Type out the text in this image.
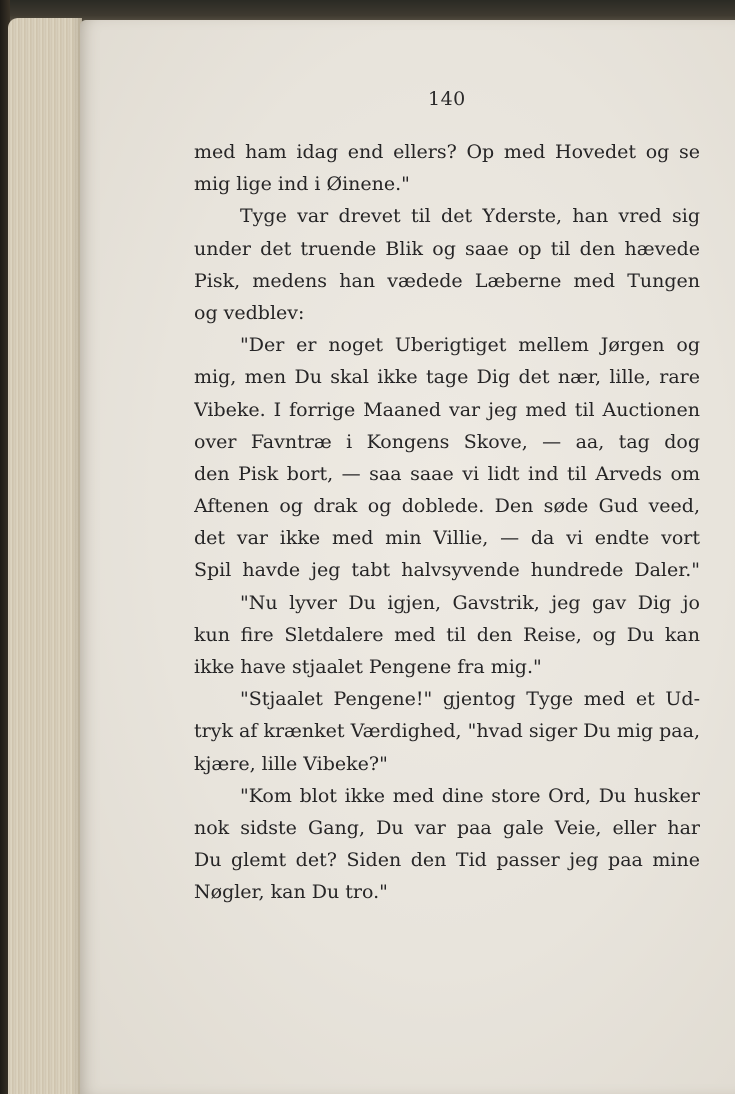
140
med ham idag end ellers? Op med Hovedet og se
mig lige ind i Øinene."
Tyge var drevet til det Yderste, han vred sig
under det truende Blik og saae op til den hævede
Pisk, medens han vædede Læberne med Tungen
og vedblev:
"Der er noget Uberigtiget mellem Jørgen og
mig, men Du skal ikke tage Dig det nær, lille, rare
Vibeke. I forrige Maaned var jeg med til Auctionen
over Favntræ i Kongens Skove, — aa, tag dog
den Pisk bort, — saa saae vi lidt ind til Arveds om
Aftenen og drak og doblede. Den søde Gud veed,
det var ikke med min Villie, — da vi endte vort
Spil havde jeg tabt halvsyvende hundrede Daler."
"Nu lyver Du igjen, Gavstrik, jeg gav Dig jo
kun fire Sletdalere med til den Reise, og Du kan
ikke have stjaalet Pengene fra mig."
"Stjaalet Pengene!" gjentog Tyge med et Ud-
tryk af krænket Værdighed, "hvad siger Du mig paa,
kjære, lille Vibeke?"
"Kom blot ikke med dine store Ord, Du husker
nok sidste Gang, Du var paa gale Veie, eller har
Du glemt det? Siden den Tid passer jeg paa mine
Nøgler, kan Du tro."
